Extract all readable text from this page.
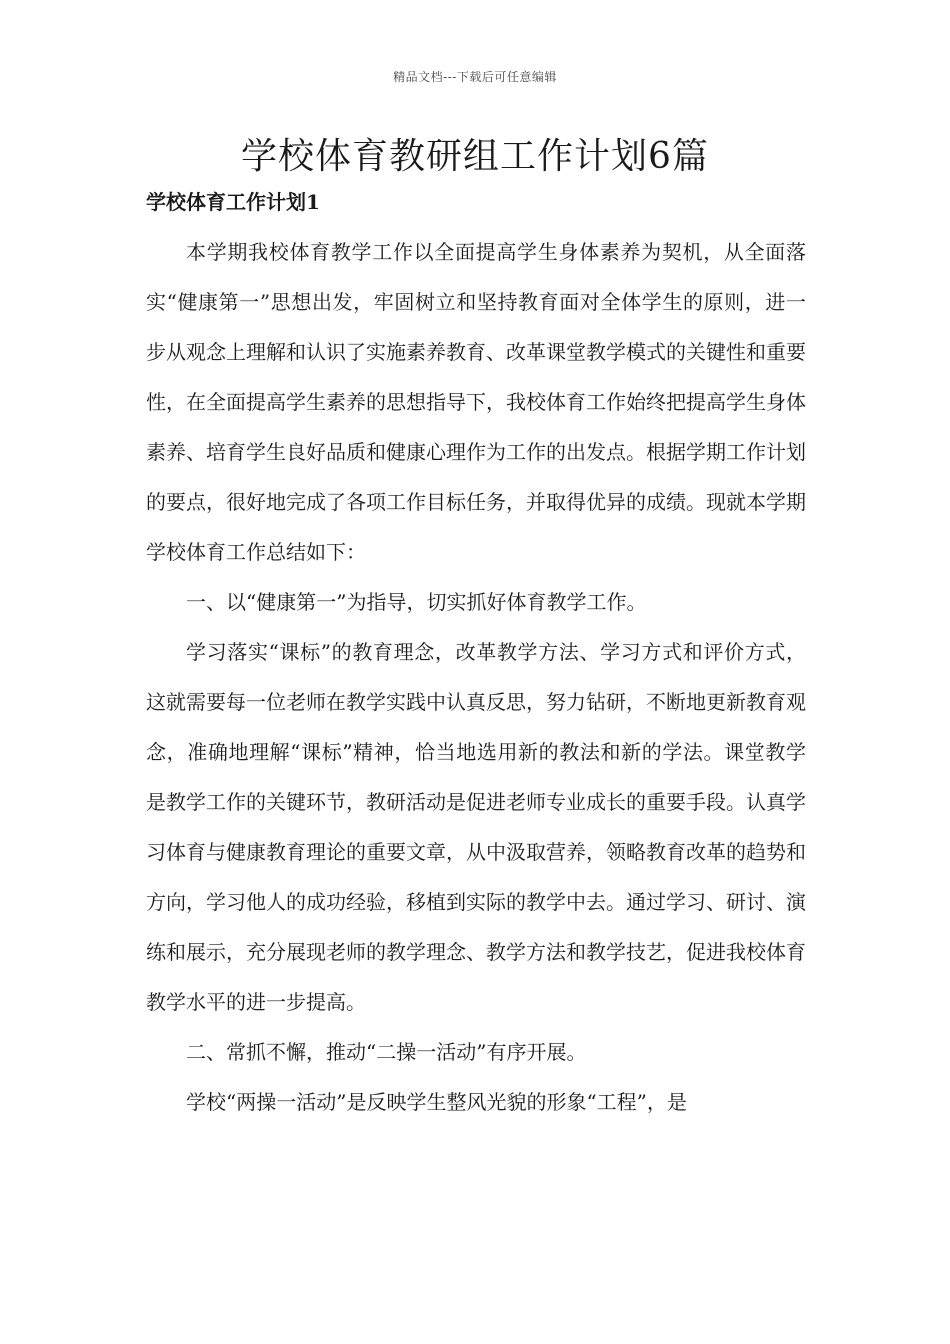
精品文档---下载后可任意编辑
学校体育教研组工作计划6篇
学校体育工作计划1

本学期我校体育教学工作以全面提高学生身体素养为契机，从全面落实“健康第一”思想出发，牢固树立和坚持教育面对全体学生的原则，进一步从观念上理解和认识了实施素养教育、改革课堂教学模式的关键性和重要性，在全面提高学生素养的思想指导下，我校体育工作始终把提高学生身体素养、培育学生良好品质和健康心理作为工作的出发点。根据学期工作计划的要点，很好地完成了各项工作目标任务，并取得优异的成绩。现就本学期学校体育工作总结如下：

一、以“健康第一”为指导，切实抓好体育教学工作。

学习落实“课标”的教育理念，改革教学方法、学习方式和评价方式，这就需要每一位老师在教学实践中认真反思，努力钻研，不断地更新教育观念，准确地理解“课标”精神，恰当地选用新的教法和新的学法。课堂教学是教学工作的关键环节，教研活动是促进老师专业成长的重要手段。认真学习体育与健康教育理论的重要文章，从中汲取营养，领略教育改革的趋势和方向，学习他人的成功经验，移植到实际的教学中去。通过学习、研讨、演练和展示，充分展现老师的教学理念、教学方法和教学技艺，促进我校体育教学水平的进一步提高。

二、常抓不懈，推动“二操一活动”有序开展。

学校“两操一活动”是反映学生整风光貌的形象“工程”，是
